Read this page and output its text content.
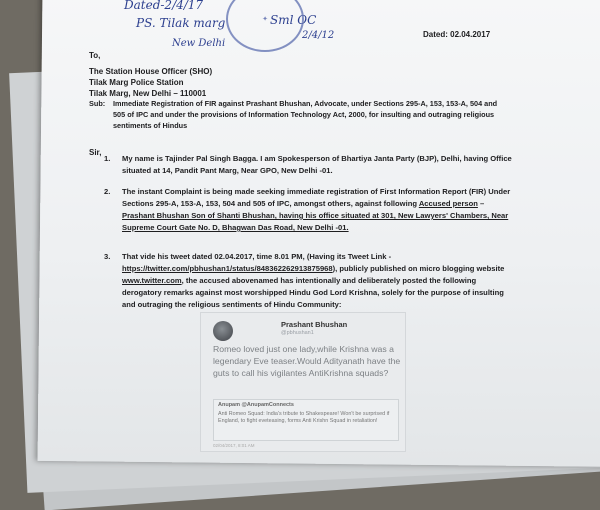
Dated-2/4/17
PS. Tilak marg
New Delhi
Sml OC
2/4/12
✦
Dated: 02.04.2017
To,
The Station House Officer (SHO)
Tilak Marg Police Station
Tilak Marg, New Delhi – 110001
Sub:	Immediate Registration of FIR against Prashant Bhushan, Advocate, under Sections 295-A, 153, 153-A, 504 and 505 of IPC and under the provisions of Information Technology Act, 2000, for insulting and outraging religious sentiments of Hindus
Sir,
1.	My name is Tajinder Pal Singh Bagga. I am Spokesperson of Bhartiya Janta Party (BJP), Delhi, having Office situated at 14, Pandit Pant Marg, Near GPO, New Delhi -01.
2.	The instant Complaint is being made seeking immediate registration of First Information Report (FIR) Under Sections 295-A, 153-A, 153, 504 and 505 of IPC, amongst others, against following Accused person – Prashant Bhushan Son of Shanti Bhushan, having his office situated at 301, New Lawyers' Chambers, Near Supreme Court Gate No. D, Bhagwan Das Road, New Delhi -01.
3.	That vide his tweet dated 02.04.2017, time 8.01 PM, (Having its Tweet Link - https://twitter.com/pbhushan1/status/848362262913875968), publicly published on micro blogging website www.twitter.com, the accused abovenamed has intentionally and deliberately posted the following derogatory remarks against most worshipped Hindu God Lord Krishna, solely for the purpose of insulting and outraging the religious sentiments of Hindu Community:
Prashant Bhushan
@pbhushan1
Romeo loved just one lady,while Krishna was a legendary Eve teaser.Would Adityanath have the guts to call his vigilantes AntiKrishna squads?
Anupam @AnupamConnects
Anti Romeo Squad: India's tribute to Shakespeare! Won't be surprised if England, to fight eveteasing, forms Anti Krishn Squad in retaliation!
02/04/2017, 8:01 AM
